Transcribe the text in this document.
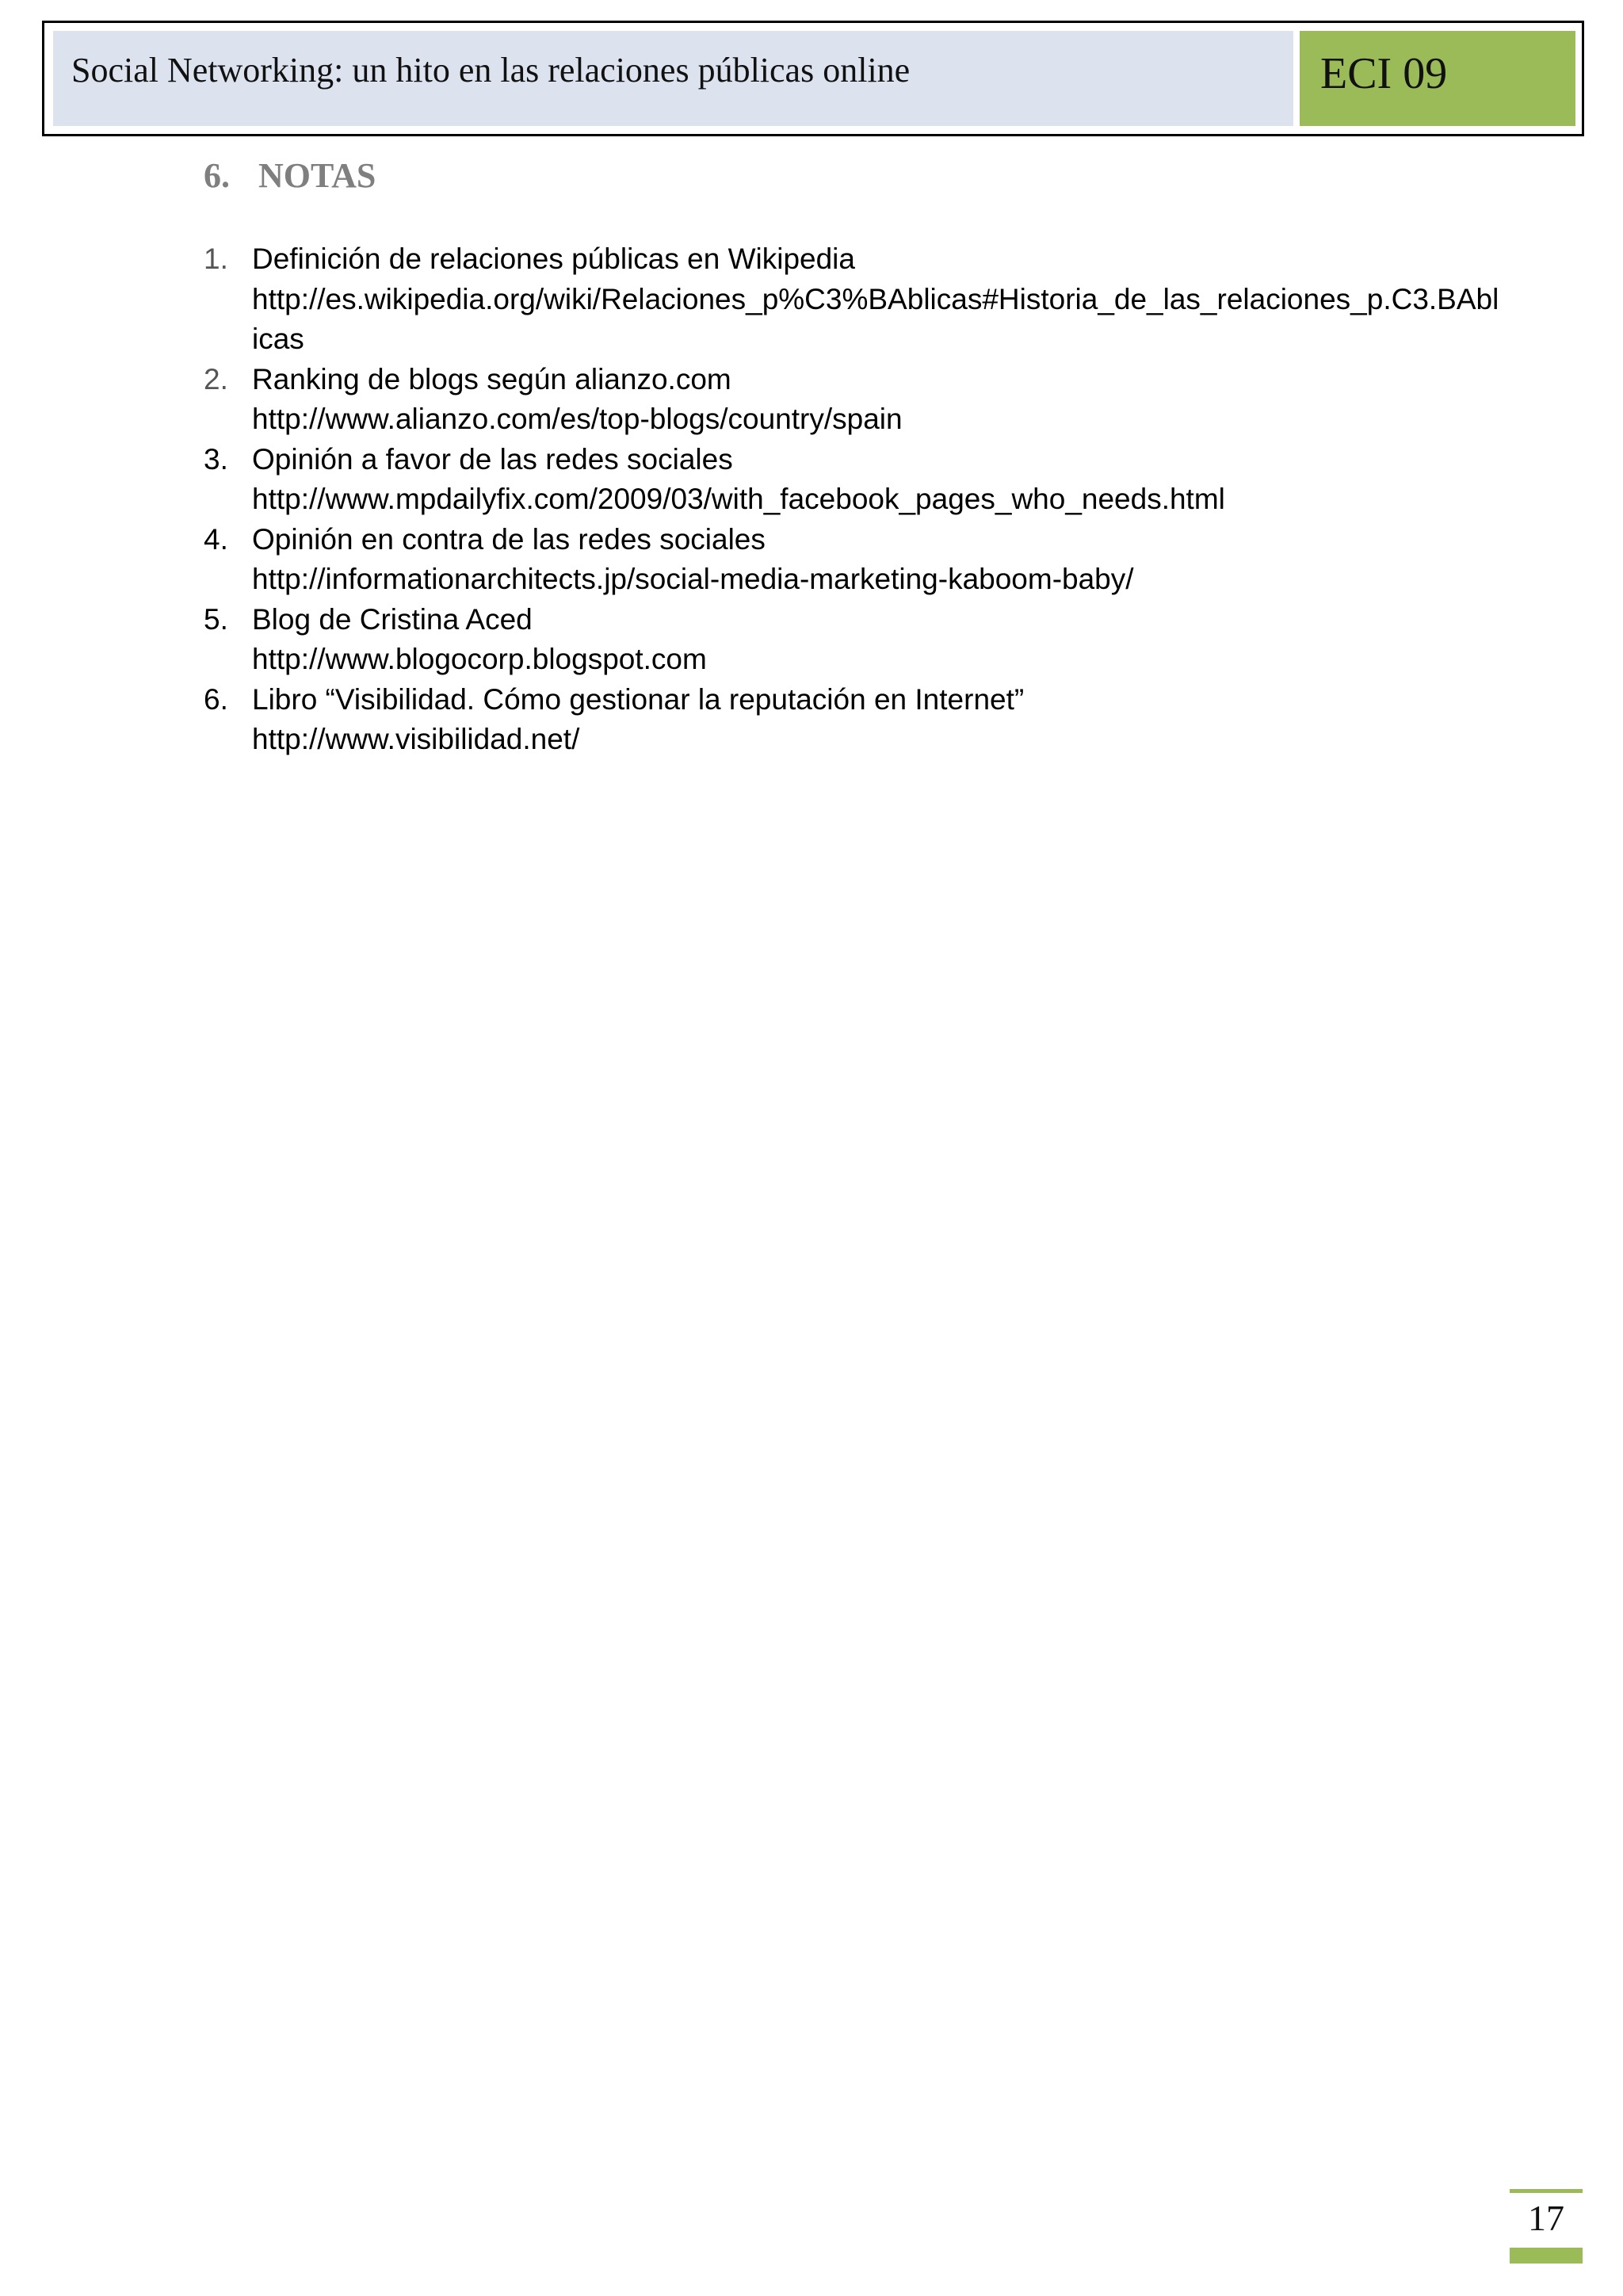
Social Networking: un hito en las relaciones públicas online	ECI 09
6. NOTAS
1. Definición de relaciones públicas en Wikipedia
http://es.wikipedia.org/wiki/Relaciones_p%C3%BAblicas#Historia_de_las_relaciones_p.C3.BAblicas
2. Ranking de blogs según alianzo.com
http://www.alianzo.com/es/top-blogs/country/spain
3. Opinión a favor de las redes sociales
http://www.mpdailyfix.com/2009/03/with_facebook_pages_who_needs.html
4. Opinión en contra de las redes sociales
http://informationarchitects.jp/social-media-marketing-kaboom-baby/
5. Blog de Cristina Aced
http://www.blogocorp.blogspot.com
6. Libro “Visibilidad. Cómo gestionar la reputación en Internet”
http://www.visibilidad.net/
17
